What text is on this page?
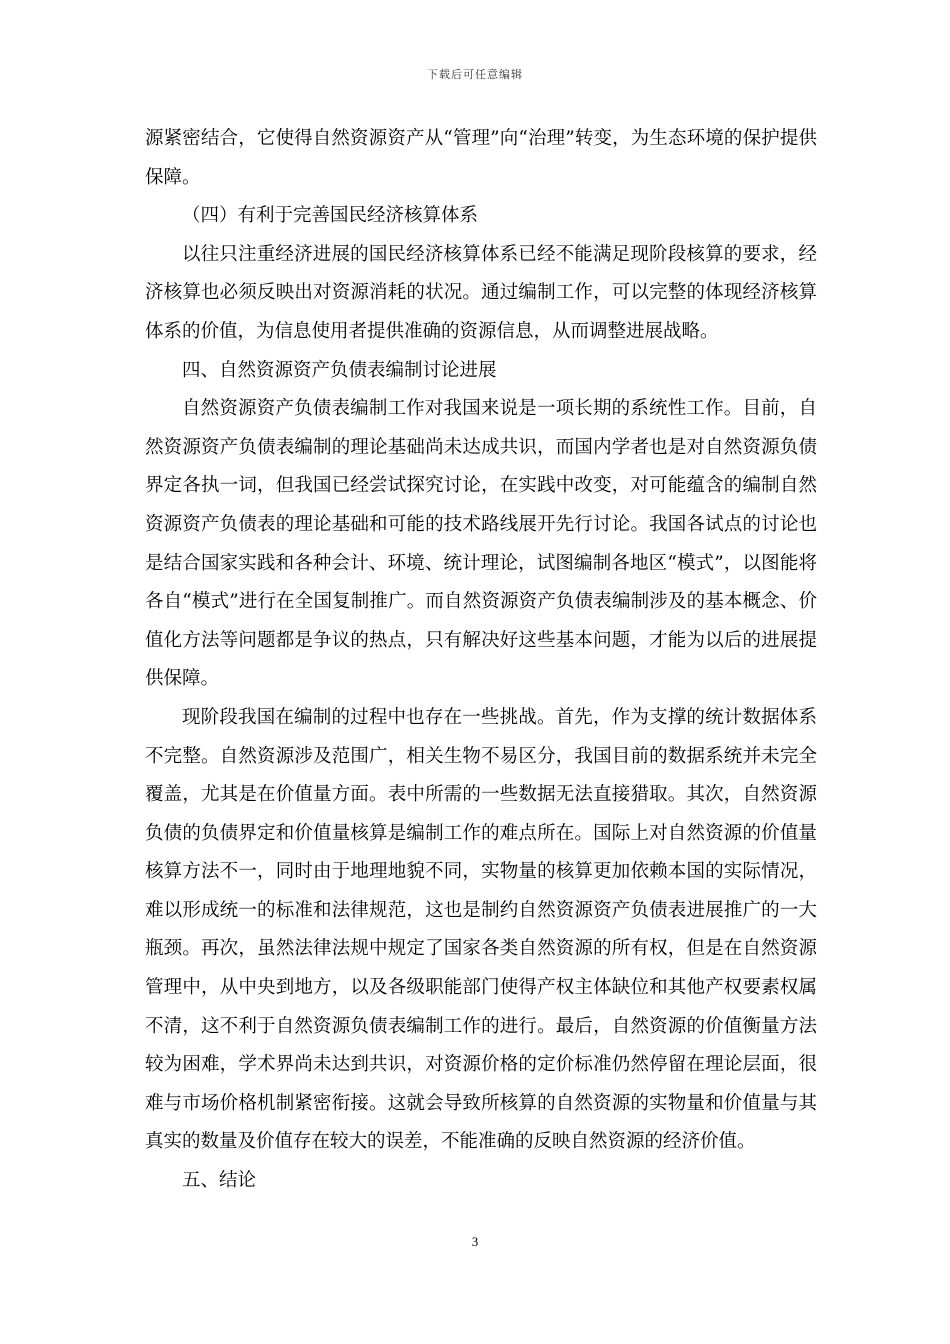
下载后可任意编辑

源紧密结合，它使得自然资源资产从“管理”向“治理”转变，为生态环境的保护提供保障。

（四）有利于完善国民经济核算体系

以往只注重经济进展的国民经济核算体系已经不能满足现阶段核算的要求，经济核算也必须反映出对资源消耗的状况。通过编制工作，可以完整的体现经济核算体系的价值，为信息使用者提供准确的资源信息，从而调整进展战略。

四、自然资源资产负债表编制讨论进展

自然资源资产负债表编制工作对我国来说是一项长期的系统性工作。目前，自然资源资产负债表编制的理论基础尚未达成共识，而国内学者也是对自然资源负债界定各执一词，但我国已经尝试探究讨论，在实践中改变，对可能蕴含的编制自然资源资产负债表的理论基础和可能的技术路线展开先行讨论。我国各试点的讨论也是结合国家实践和各种会计、环境、统计理论，试图编制各地区“模式”，以图能将各自“模式”进行在全国复制推广。而自然资源资产负债表编制涉及的基本概念、价值化方法等问题都是争议的热点，只有解决好这些基本问题，才能为以后的进展提供保障。

现阶段我国在编制的过程中也存在一些挑战。首先，作为支撑的统计数据体系不完整。自然资源涉及范围广，相关生物不易区分，我国目前的数据系统并未完全覆盖，尤其是在价值量方面。表中所需的一些数据无法直接猎取。其次，自然资源负债的负债界定和价值量核算是编制工作的难点所在。国际上对自然资源的价值量核算方法不一，同时由于地理地貌不同，实物量的核算更加依赖本国的实际情况，难以形成统一的标准和法律规范，这也是制约自然资源资产负债表进展推广的一大瓶颈。再次，虽然法律法规中规定了国家各类自然资源的所有权，但是在自然资源管理中，从中央到地方，以及各级职能部门使得产权主体缺位和其他产权要素权属不清，这不利于自然资源负债表编制工作的进行。最后，自然资源的价值衡量方法较为困难，学术界尚未达到共识，对资源价格的定价标准仍然停留在理论层面，很难与市场价格机制紧密衔接。这就会导致所核算的自然资源的实物量和价值量与其真实的数量及价值存在较大的误差，不能准确的反映自然资源的经济价值。

五、结论

3
